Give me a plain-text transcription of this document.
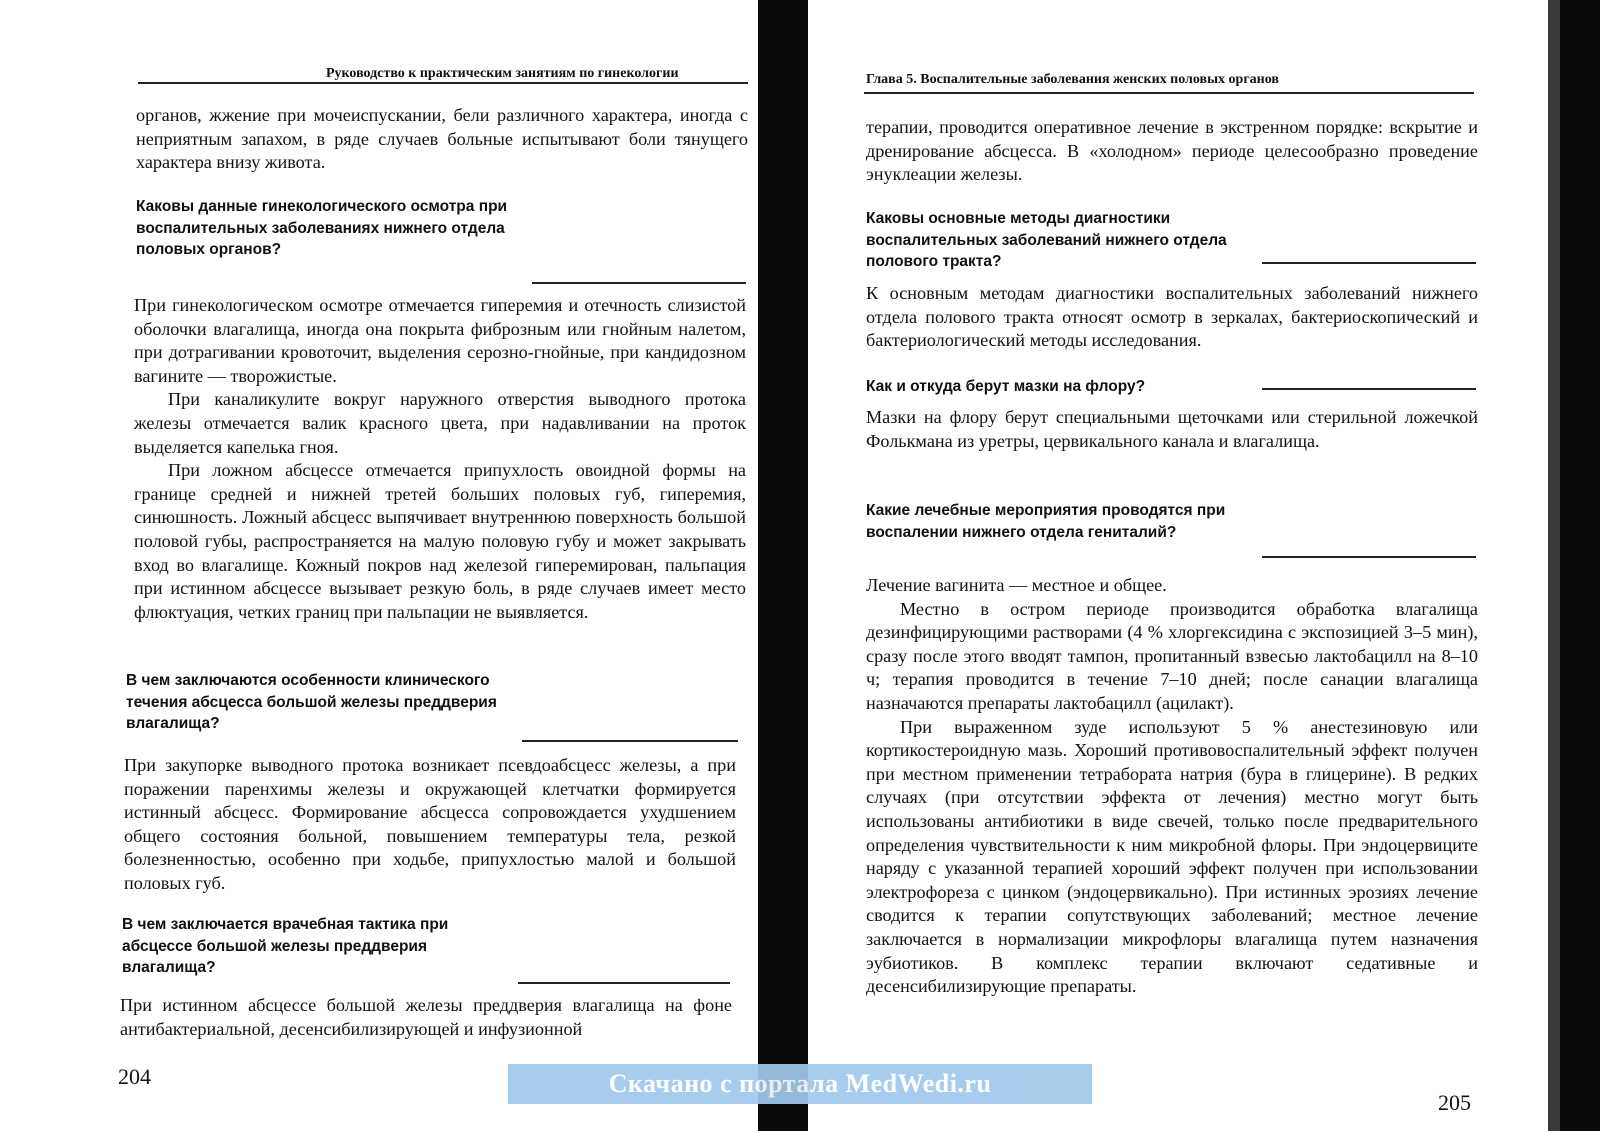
Руководство к практическим занятиям по гинекологии

органов, жжение при мочеиспускании, бели различного характера, иногда с неприятным запахом, в ряде случаев больные испытывают боли тянущего характера внизу живота.

Каковы данные гинекологического осмотра при воспалительных заболеваниях нижнего отдела половых органов?

При гинекологическом осмотре отмечается гиперемия и отечность слизистой оболочки влагалища, иногда она покрыта фиброзным или гнойным налетом, при дотрагивании кровоточит, выделения серозно-гнойные, при кандидозном вагините — творожистые.

При каналикулите вокруг наружного отверстия выводного протока железы отмечается валик красного цвета, при надавливании на проток выделяется капелька гноя.

При ложном абсцессе отмечается припухлость овоидной формы на границе средней и нижней третей больших половых губ, гиперемия, синюшность. Ложный абсцесс выпячивает внутреннюю поверхность большой половой губы, распространяется на малую половую губу и может закрывать вход во влагалище. Кожный покров над железой гиперемирован, пальпация при истинном абсцессе вызывает резкую боль, в ряде случаев имеет место флюктуация, четких границ при пальпации не выявляется.

В чем заключаются особенности клинического течения абсцесса большой железы преддверия влагалища?

При закупорке выводного протока возникает псевдоабсцесс железы, а при поражении паренхимы железы и окружающей клетчатки формируется истинный абсцесс. Формирование абсцесса сопровождается ухудшением общего состояния больной, повышением температуры тела, резкой болезненностью, особенно при ходьбе, припухлостью малой и большой половых губ.

В чем заключается врачебная тактика при абсцессе большой железы преддверия влагалища?

При истинном абсцессе большой железы преддверия влагалища на фоне антибактериальной, десенсибилизирующей и инфузионной

204
Глава 5. Воспалительные заболевания женских половых органов

терапии, проводится оперативное лечение в экстренном порядке: вскрытие и дренирование абсцесса. В «холодном» периоде целесообразно проведение энуклеации железы.

Каковы основные методы диагностики воспалительных заболеваний нижнего отдела полового тракта?

К основным методам диагностики воспалительных заболеваний нижнего отдела полового тракта относят осмотр в зеркалах, бактериоскопический и бактериологический методы исследования.

Как и откуда берут мазки на флору?

Мазки на флору берут специальными щеточками или стерильной ложечкой Фолькмана из уретры, цервикального канала и влагалища.

Какие лечебные мероприятия проводятся при воспалении нижнего отдела гениталий?

Лечение вагинита — местное и общее.

Местно в остром периоде производится обработка влагалища дезинфицирующими растворами (4 % хлоргексидина с экспозицией 3–5 мин), сразу после этого вводят тампон, пропитанный взвесью лактобацилл на 8–10 ч; терапия проводится в течение 7–10 дней; после санации влагалища назначаются препараты лактобацилл (ацилакт).

При выраженном зуде используют 5 % анестезиновую или кортикостероидную мазь. Хороший противовоспалительный эффект получен при местном применении тетрабората натрия (бура в глицерине). В редких случаях (при отсутствии эффекта от лечения) местно могут быть использованы антибиотики в виде свечей, только после предварительного определения чувствительности к ним микробной флоры. При эндоцервиците наряду с указанной терапией хороший эффект получен при использовании электрофореза с цинком (эндоцервикально). При истинных эрозиях лечение сводится к терапии сопутствующих заболеваний; местное лечение заключается в нормализации микрофлоры влагалища путем назначения эубиотиков. В комплекс терапии включают седативные и десенсибилизирующие препараты.

205
Скачано с портала MedWedi.ru
